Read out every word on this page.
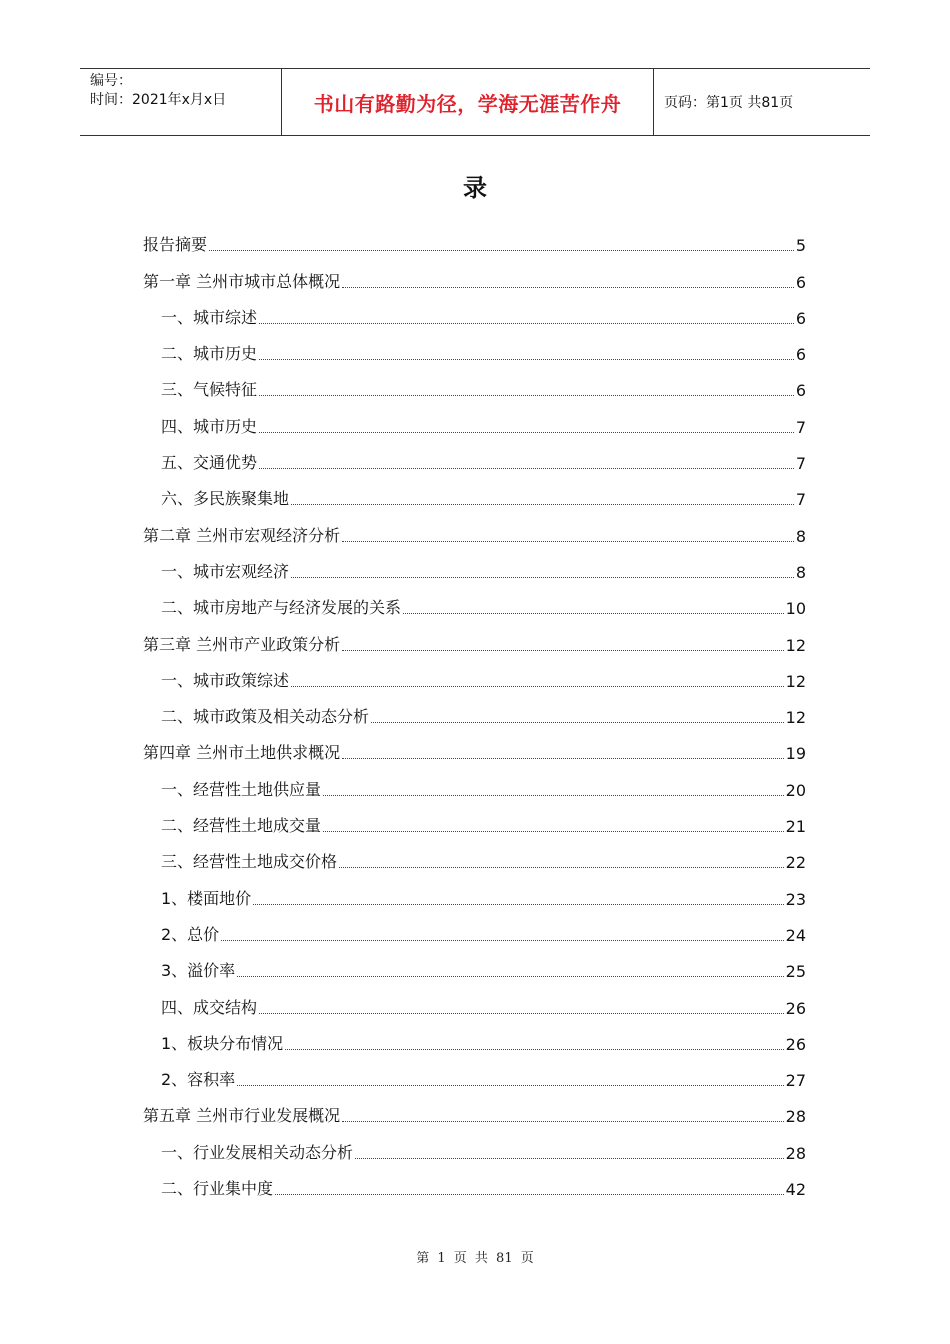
编号：
时间：2021年x月x日	书山有路勤为径，学海无涯苦作舟	页码：第1页 共81页
录
报告摘要	5
第一章 兰州市城市总体概况	6
一、城市综述	6
二、城市历史	6
三、气候特征	6
四、城市历史	7
五、交通优势	7
六、多民族聚集地	7
第二章 兰州市宏观经济分析	8
一、城市宏观经济	8
二、城市房地产与经济发展的关系	10
第三章 兰州市产业政策分析	12
一、城市政策综述	12
二、城市政策及相关动态分析	12
第四章 兰州市土地供求概况	19
一、经营性土地供应量	20
二、经营性土地成交量	21
三、经营性土地成交价格	22
1、楼面地价	23
2、总价	24
3、溢价率	25
四、成交结构	26
1、板块分布情况	26
2、容积率	27
第五章 兰州市行业发展概况	28
一、行业发展相关动态分析	28
二、行业集中度	42
第 1 页 共 81 页
